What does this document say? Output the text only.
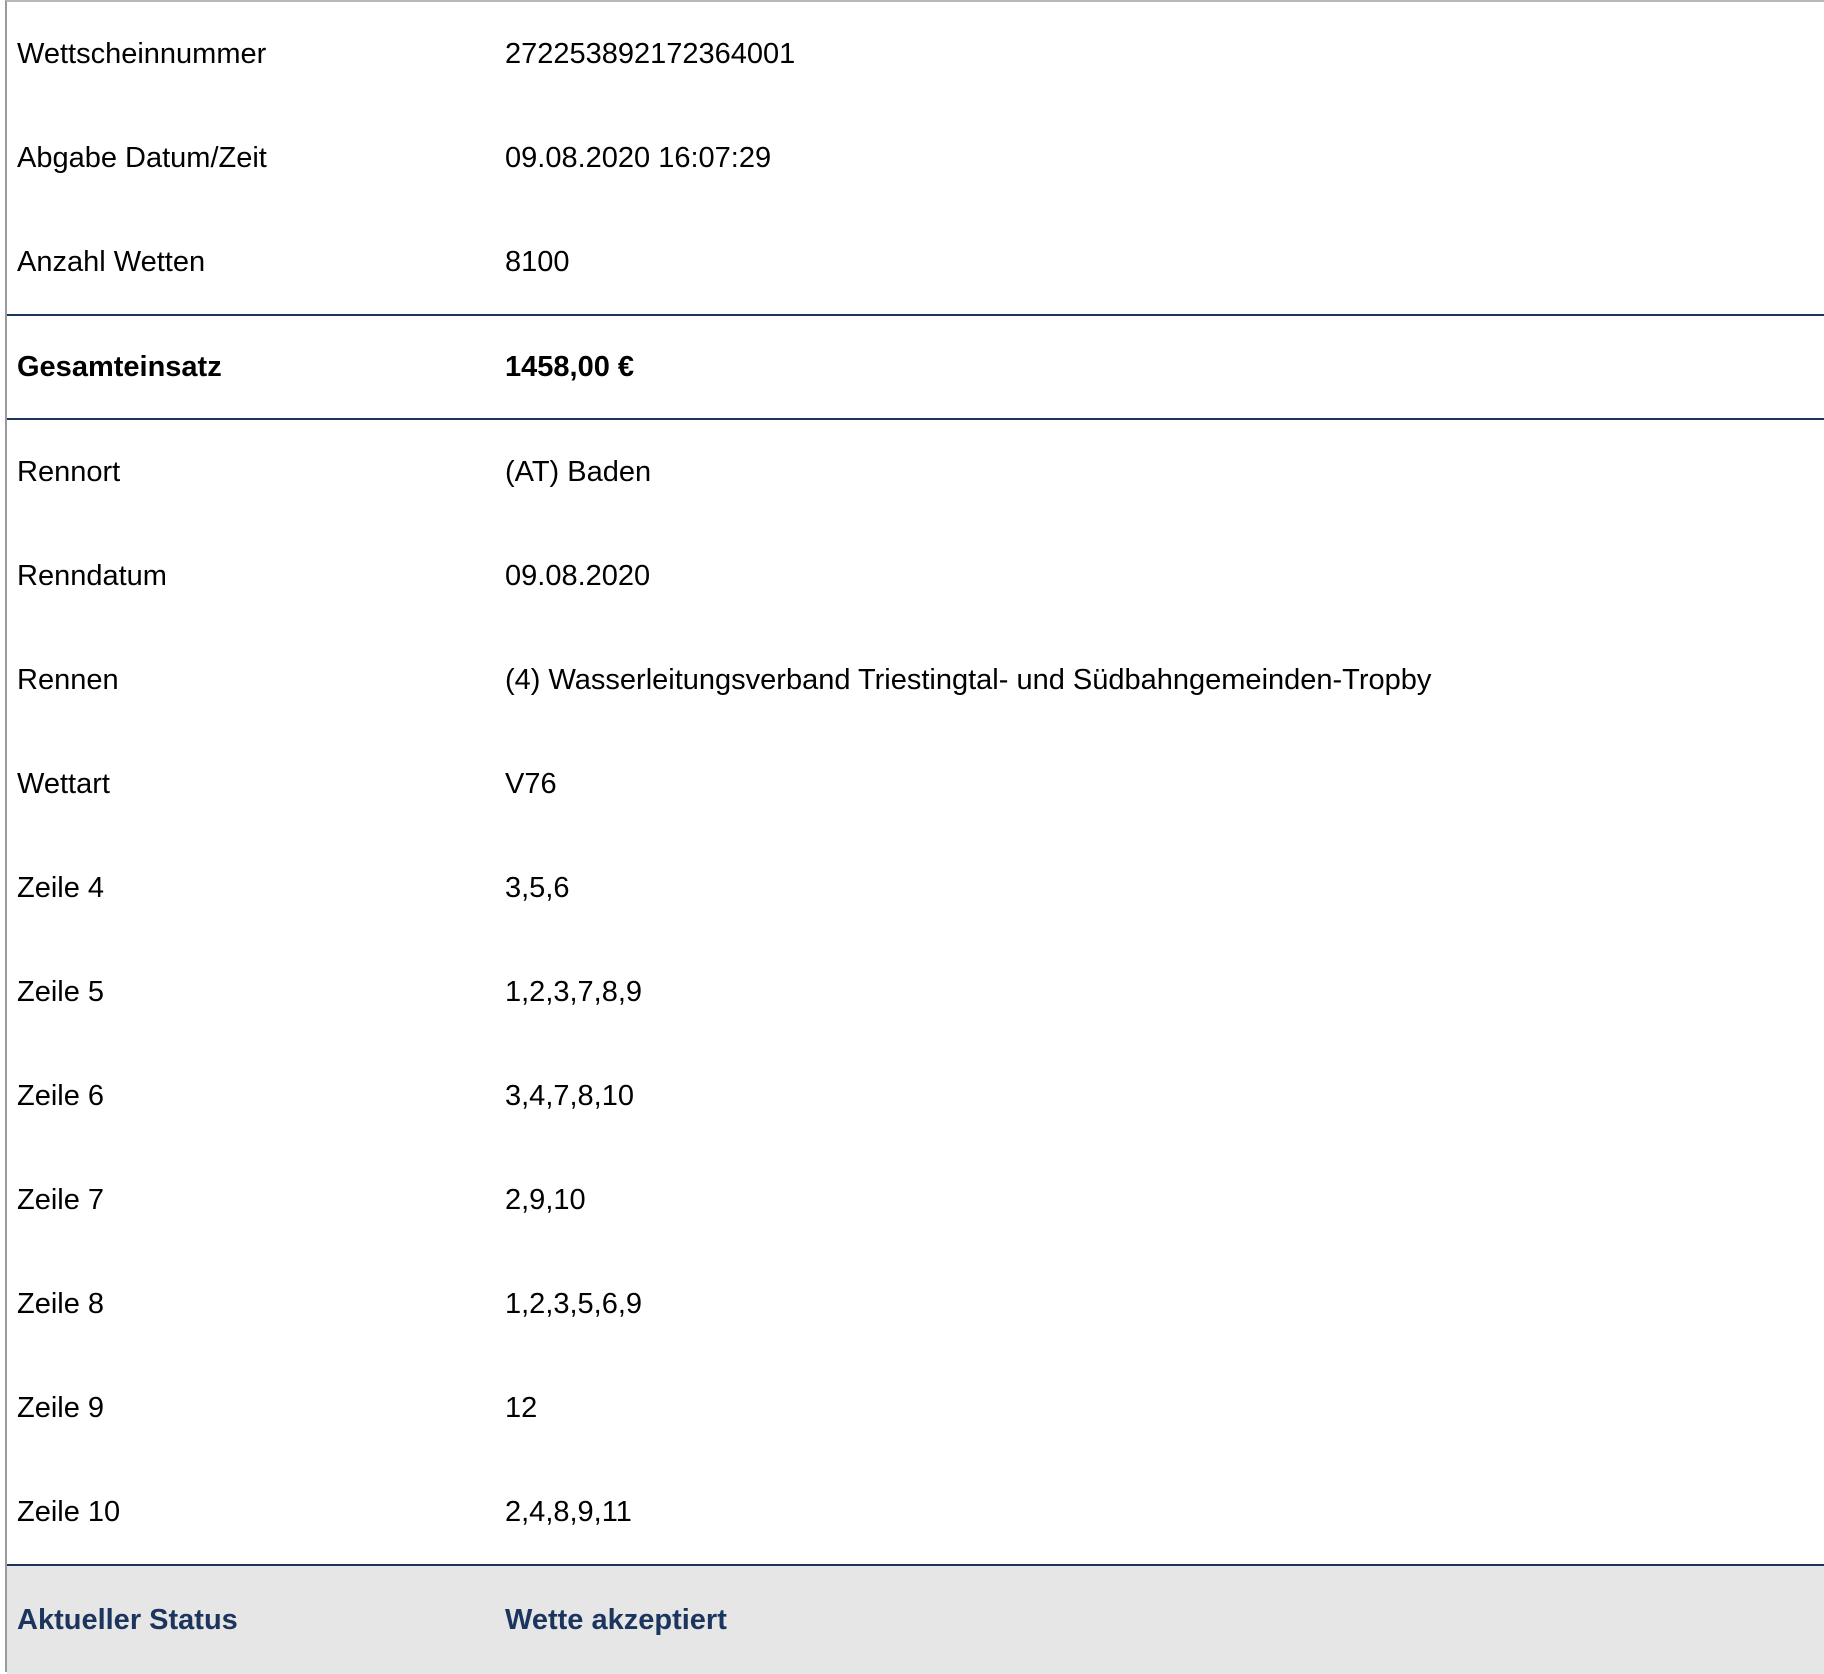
Wettscheinnummer	272253892172364001
Abgabe Datum/Zeit	09.08.2020 16:07:29
Anzahl Wetten	8100
Gesamteinsatz	1458,00 €
Rennort	(AT) Baden
Renndatum	09.08.2020
Rennen	(4) Wasserleitungsverband Triestingtal- und Südbahngemeinden-Tropby
Wettart	V76
Zeile 4	3,5,6
Zeile 5	1,2,3,7,8,9
Zeile 6	3,4,7,8,10
Zeile 7	2,9,10
Zeile 8	1,2,3,5,6,9
Zeile 9	12
Zeile 10	2,4,8,9,11
Aktueller Status	Wette akzeptiert
